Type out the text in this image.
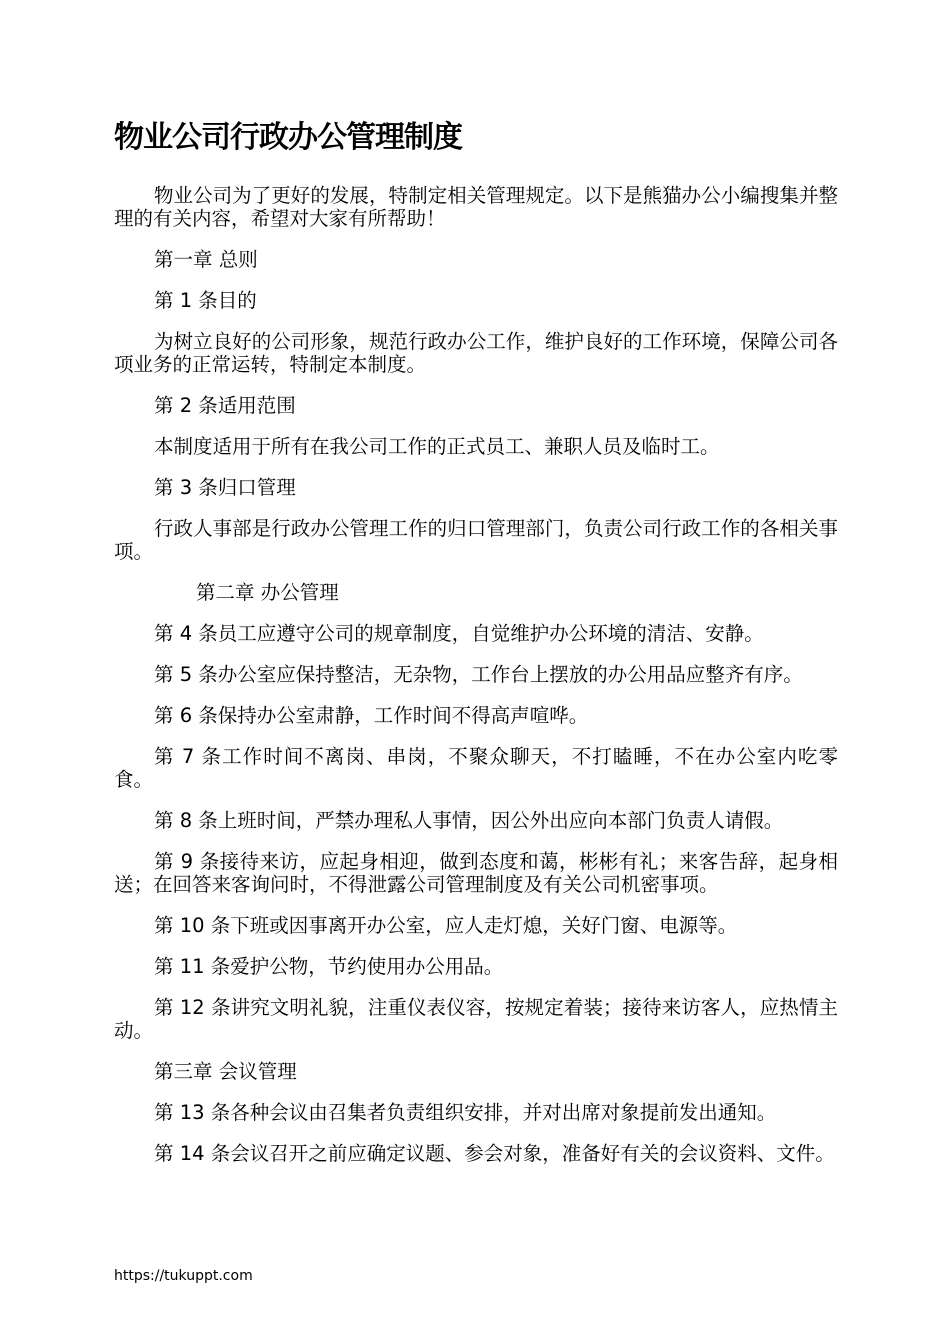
物业公司行政办公管理制度

物业公司为了更好的发展，特制定相关管理规定。以下是熊猫办公小编搜集并整理的有关内容，希望对大家有所帮助！

第一章 总则

第 1 条目的

为树立良好的公司形象，规范行政办公工作，维护良好的工作环境，保障公司各项业务的正常运转，特制定本制度。

第 2 条适用范围

本制度适用于所有在我公司工作的正式员工、兼职人员及临时工。

第 3 条归口管理

行政人事部是行政办公管理工作的归口管理部门，负责公司行政工作的各相关事项。

第二章 办公管理

第 4 条员工应遵守公司的规章制度，自觉维护办公环境的清洁、安静。

第 5 条办公室应保持整洁，无杂物，工作台上摆放的办公用品应整齐有序。

第 6 条保持办公室肃静，工作时间不得高声喧哗。

第 7 条工作时间不离岗、串岗，不聚众聊天，不打瞌睡，不在办公室内吃零食。

第 8 条上班时间，严禁办理私人事情，因公外出应向本部门负责人请假。

第 9 条接待来访，应起身相迎，做到态度和蔼，彬彬有礼；来客告辞，起身相送；在回答来客询问时，不得泄露公司管理制度及有关公司机密事项。

第 10 条下班或因事离开办公室，应人走灯熄，关好门窗、电源等。

第 11 条爱护公物，节约使用办公用品。

第 12 条讲究文明礼貌，注重仪表仪容，按规定着装；接待来访客人，应热情主动。

第三章 会议管理

第 13 条各种会议由召集者负责组织安排，并对出席对象提前发出通知。

第 14 条会议召开之前应确定议题、参会对象，准备好有关的会议资料、文件。

https://tukuppt.com
